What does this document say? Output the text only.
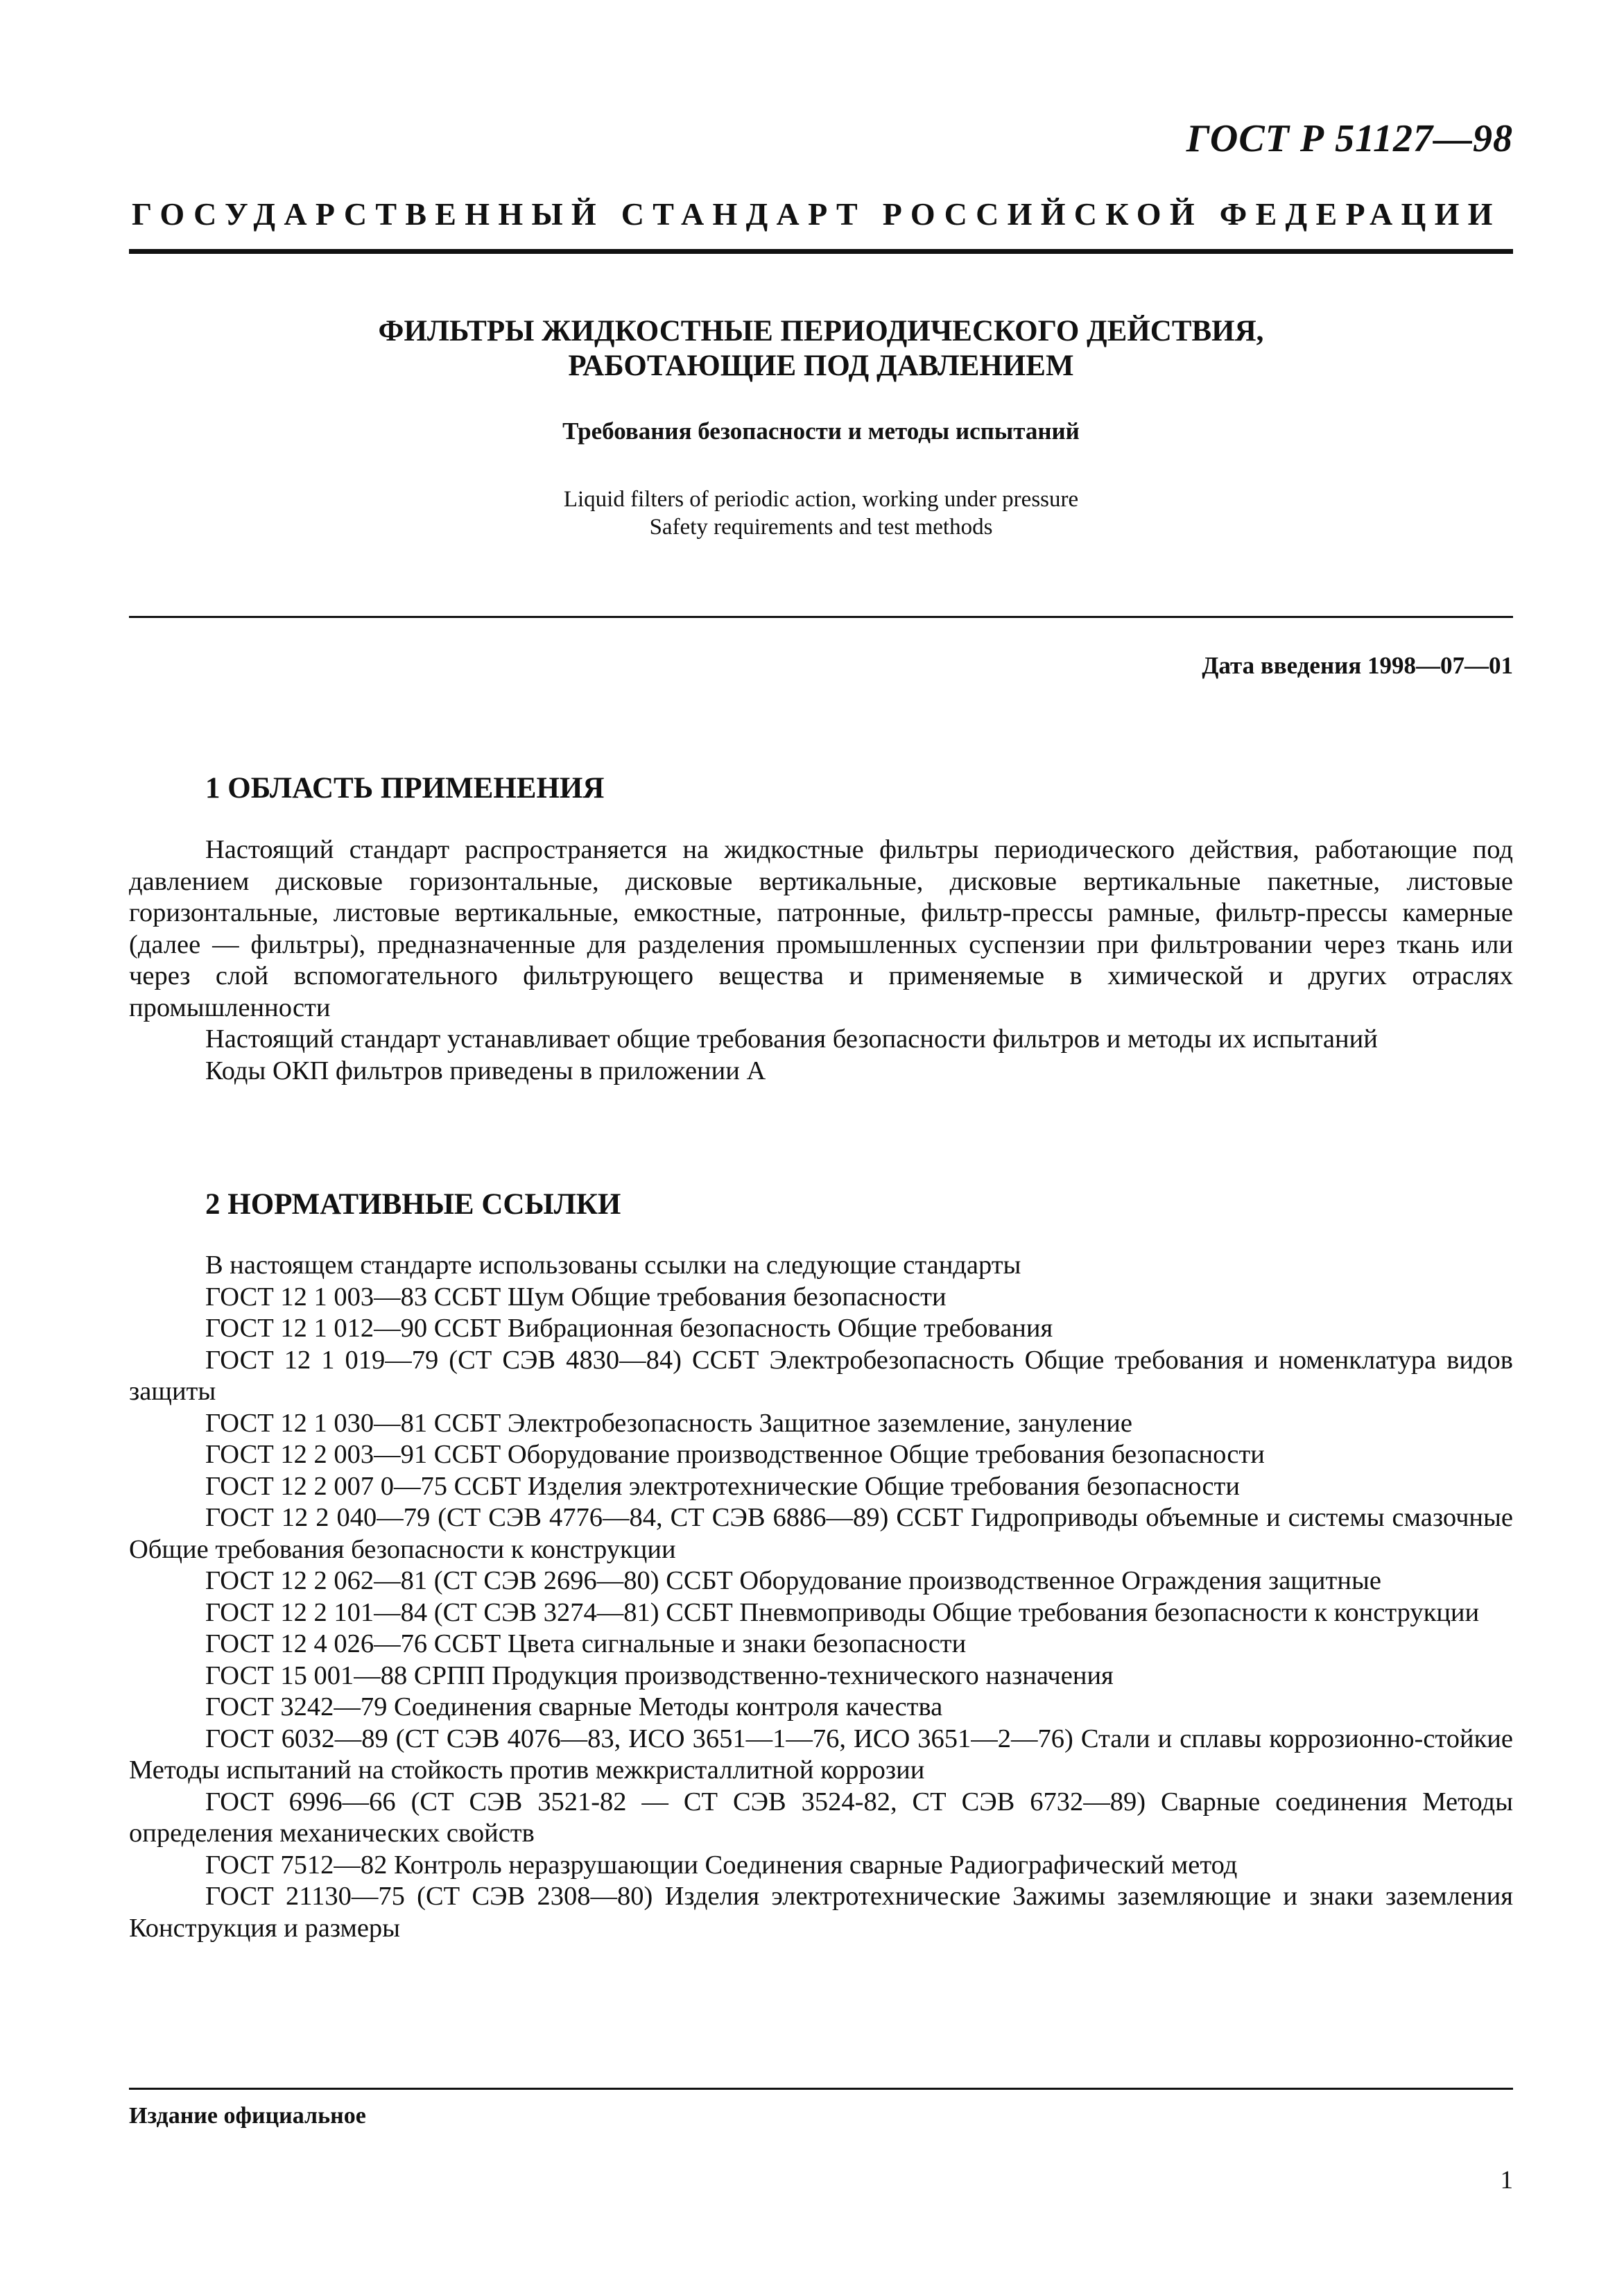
ГОСТ Р 51127—98
ГОСУДАРСТВЕННЫЙ СТАНДАРТ РОССИЙСКОЙ ФЕДЕРАЦИИ
ФИЛЬТРЫ ЖИДКОСТНЫЕ ПЕРИОДИЧЕСКОГО ДЕЙСТВИЯ,
РАБОТАЮЩИЕ ПОД ДАВЛЕНИЕМ
Требования безопасности и методы испытаний
Liquid filters of periodic action, working under pressure
Safety requirements and test methods
Дата введения 1998—07—01
1 ОБЛАСТЬ ПРИМЕНЕНИЯ

Настоящий стандарт распространяется на жидкостные фильтры периодического действия, работающие под давлением дисковые горизонтальные, дисковые вертикальные, дисковые вертикальные пакетные, листовые горизонтальные, листовые вертикальные, емкостные, патронные, фильтр-прессы рамные, фильтр-прессы камерные (далее — фильтры), предназначенные для разделения промышленных суспензии при фильтровании через ткань или через слой вспомогательного фильтрующего вещества и применяемые в химической и других отраслях промышленности

Настоящий стандарт устанавливает общие требования безопасности фильтров и методы их испытаний

Коды ОКП фильтров приведены в приложении А

2 НОРМАТИВНЫЕ ССЫЛКИ

В настоящем стандарте использованы ссылки на следующие стандарты

ГОСТ 12 1 003—83 ССБТ Шум Общие требования безопасности

ГОСТ 12 1 012—90 ССБТ Вибрационная безопасность Общие требования

ГОСТ 12 1 019—79 (СТ СЭВ 4830—84) ССБТ Электробезопасность Общие требования и номенклатура видов защиты

ГОСТ 12 1 030—81 ССБТ Электробезопасность Защитное заземление, зануление

ГОСТ 12 2 003—91 ССБТ Оборудование производственное Общие требования безопасности

ГОСТ 12 2 007 0—75 ССБТ Изделия электротехнические Общие требования безопасности

ГОСТ 12 2 040—79 (СТ СЭВ 4776—84, СТ СЭВ 6886—89) ССБТ Гидроприводы объемные и системы смазочные Общие требования безопасности к конструкции

ГОСТ 12 2 062—81 (СТ СЭВ 2696—80) ССБТ Оборудование производственное Ограждения защитные

ГОСТ 12 2 101—84 (СТ СЭВ 3274—81) ССБТ Пневмоприводы Общие требования безопасности к конструкции

ГОСТ 12 4 026—76 ССБТ Цвета сигнальные и знаки безопасности

ГОСТ 15 001—88 СРПП Продукция производственно-технического назначения

ГОСТ 3242—79 Соединения сварные Методы контроля качества

ГОСТ 6032—89 (СТ СЭВ 4076—83, ИСО 3651—1—76, ИСО 3651—2—76) Стали и сплавы коррозионно-стойкие Методы испытаний на стойкость против межкристаллитной коррозии

ГОСТ 6996—66 (СТ СЭВ 3521-82 — СТ СЭВ 3524-82, СТ СЭВ 6732—89) Сварные соединения Методы определения механических свойств

ГОСТ 7512—82 Контроль неразрушающии Соединения сварные Радиографический метод

ГОСТ 21130—75 (СТ СЭВ 2308—80) Изделия электротехнические Зажимы заземляющие и знаки заземления Конструкция и размеры

Издание официальное
1
